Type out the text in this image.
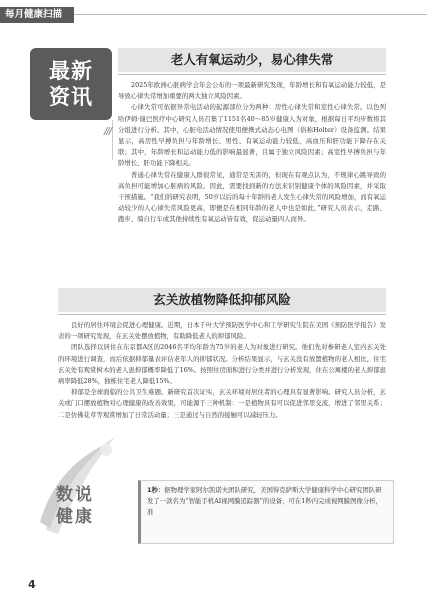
每月健康扫描
最新
资讯
///
老人有氧运动少，易心律失常

2025年欧洲心脏病学会年会公布的一项最新研究发现，年龄增长和有氧运动能力较低，是导致心律失常增加重要的两大独立风险因素。

心律失常可依据异常电活动的起源部位分为两种：房性心律失常和室性心律失常。以色列哈伊姆·谢巴医疗中心研究人员召集了1151名40～85岁健康人为对象，根据每日平均步数将其分组进行分析。其中，心脏电活动情况使用便携式动态心电图（俗称Holter）设备监测。结果显示，高房性早搏负担与年龄增长、男性、有氧运动能力较低，高血压和肝功能下降存在关联；其中，年龄增长和运动能力低的影响最显著，且属于独立风险因素；高室性早搏负担与年龄增长、肝功能下降相关。

普通心律失常在健康人群很常见，通常是无害的，但现在有观点认为，不规律心跳导致的高负担可能增加心脏病的风险。因此，需要找到新的方法来识别健康个体的风险因素，并采取干预措施。“我们的研究表明，50岁以后的每十年龄的老人发生心律失常的风险增加，而有氧运动较少的人心律失常风险更高，即便是在相同年龄的老人中也是如此，”研究人员表示，走路、跑步、骑自行车或其他持续性有氧运动皆有效，促运动量四人而异。

玄关放植物降低抑郁风险

良好的居住环境会促进心理健康。近期，日本千叶大学预防医学中心和工学研究生院在美国《预防医学报告》发表的一项研究发现，在玄关处摆放植物，有助降低老人的抑郁风险。

团队选择以居住在东京都A区的2046名平均年龄为75岁的老人为对象进行研究。他们先对参研老人室内玄关处的环境进行调查，而后依据抑郁量表评估老年人的抑郁状况。分析结果显示，与玄关没有放置植物的老人相比，住宅玄关处有观赏树木的老人患抑郁概率降低了16%。按照住房面积进行分类并进行分析发现，住在公寓楼的老人抑郁患病率降低28%，独栋住宅老人降低15%。

抑郁是全球面临的公共卫生难题。新研究首次证实，玄关环境对居住者的心理具有显著影响。研究人员分析，玄关或门口摆放植物对心理健康的改善效果，可能源于三种机制：一是植物具有可以促进邻里交流，增进了邻里关系；二是仿佛花草等观赏增加了日常活动量；三是通过与自然的接触可以减轻压力。

数说
健康
1秒：据物理学家阿尔凯诺夫团队研究，美国得克萨斯大学健康科学中心研究团队研发了一款名为“智能手机AI视网膜追踪器”的设备，可在1秒内完成视网膜图像分析，准
4
